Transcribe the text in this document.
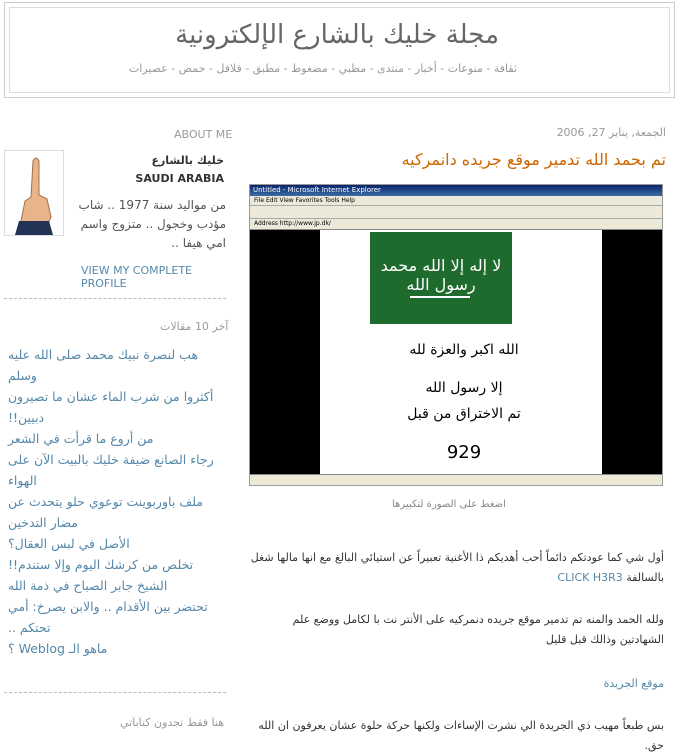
مجلة خليك بالشارع الإلكترونية
ثقافة - منوعات - أخبار - منتدى - مظبي - مضغوط - مطبق - فلافل - حمص - عصيرات
ABOUT ME
خليك بالشارع
SAUDI ARABIA
من مواليد سنة 1977 .. شاب مؤدب وخجول .. متزوج واسم امي هيفا ..
VIEW MY COMPLETE PROFILE
آخر 10 مقالات
هب لنصرة نبيك محمد صلى الله عليه وسلم
أكثروا من شرب الماء عشان ما تصيرون دبيين!!
من أروع ما قرأت في الشعر
رجاء الصانع ضيفة خليك بالبيت الآن على الهواء
ملف باوربوينت توعوي حلو يتحدث عن مضار التدخين
الأصل في لبس العقال؟
تخلص من كرشك اليوم وإلا ستندم!!
الشيخ جابر الصباح في ذمة الله
تحتضر بين الأقدام .. والابن يصرخ: أمي تحتكم ..
ماهو الـ Weblog ؟
هنا فقط تجدون كتاباتي
الجمعة, يناير 27, 2006
تم بحمد الله تدمير موقع جريده دانمركيه
Untitled - Microsoft Internet Explorer
File Edit View Favorites Tools Help
Address http://www.jp.dk/
لا إله إلا الله محمد رسول الله
الله اكبر والعزة لله
إلا رسول الله
تم الاختراق من قبل
929
اضغط على الصورة لتكبيرها
أول شي كما عودتكم دائماً أحب أهديكم ذا الأغنية تعبيراً عن استيائي البالغ مع انها مالها شغل بالسالفة CLICK H3R3
ولله الحمد والمنه تم تدمير موقع جريده دنمركيه على الأنتر نت با لكامل ووضع علم الشهادتين وذالك قبل قليل
موقع الجريدة
بس طبعاً مهيب ذي الجريدة الي نشرت الإساءات ولكنها حركة حلوة عشان يعرفون ان الله حق.
